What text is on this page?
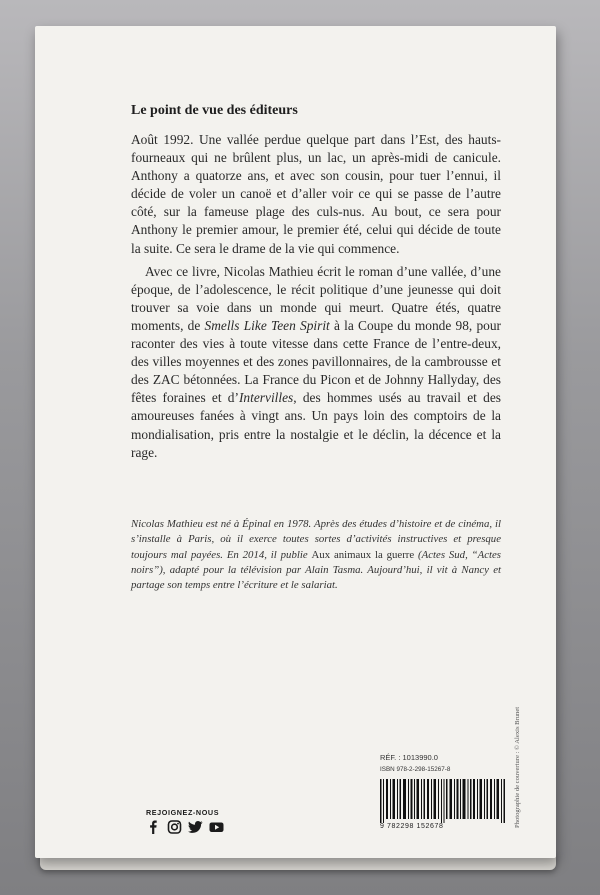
Le point de vue des éditeurs

Août 1992. Une vallée perdue quelque part dans l’Est, des hauts-fourneaux qui ne brûlent plus, un lac, un après-midi de canicule. Anthony a quatorze ans, et avec son cousin, pour tuer l’ennui, il décide de voler un canoë et d’aller voir ce qui se passe de l’autre côté, sur la fameuse plage des culs-nus. Au bout, ce sera pour Anthony le premier amour, le premier été, celui qui décide de toute la suite. Ce sera le drame de la vie qui commence.

Avec ce livre, Nicolas Mathieu écrit le roman d’une vallée, d’une époque, de l’adolescence, le récit politique d’une jeunesse qui doit trouver sa voie dans un monde qui meurt. Quatre étés, quatre moments, de Smells Like Teen Spirit à la Coupe du monde 98, pour raconter des vies à toute vitesse dans cette France de l’entre-deux, des villes moyennes et des zones pavillonnaires, de la cambrousse et des ZAC bétonnées. La France du Picon et de Johnny Hallyday, des fêtes foraines et d’Intervilles, des hommes usés au travail et des amoureuses fanées à vingt ans. Un pays loin des comptoirs de la mondialisation, pris entre la nostalgie et le déclin, la décence et la rage.

Nicolas Mathieu est né à Épinal en 1978. Après des études d’histoire et de cinéma, il s’installe à Paris, où il exerce toutes sortes d’activités instructives et presque toujours mal payées. En 2014, il publie Aux animaux la guerre (Actes Sud, “Actes noirs”), adapté pour la télévision par Alain Tasma. Aujourd’hui, il vit à Nancy et partage son temps entre l’écriture et le salariat.
Photographie de couverture : © Alexis Brunet
RÉF. : 1013990.0
ISBN 978-2-298-15267-8
9 782298 152678
REJOIGNEZ-NOUS
